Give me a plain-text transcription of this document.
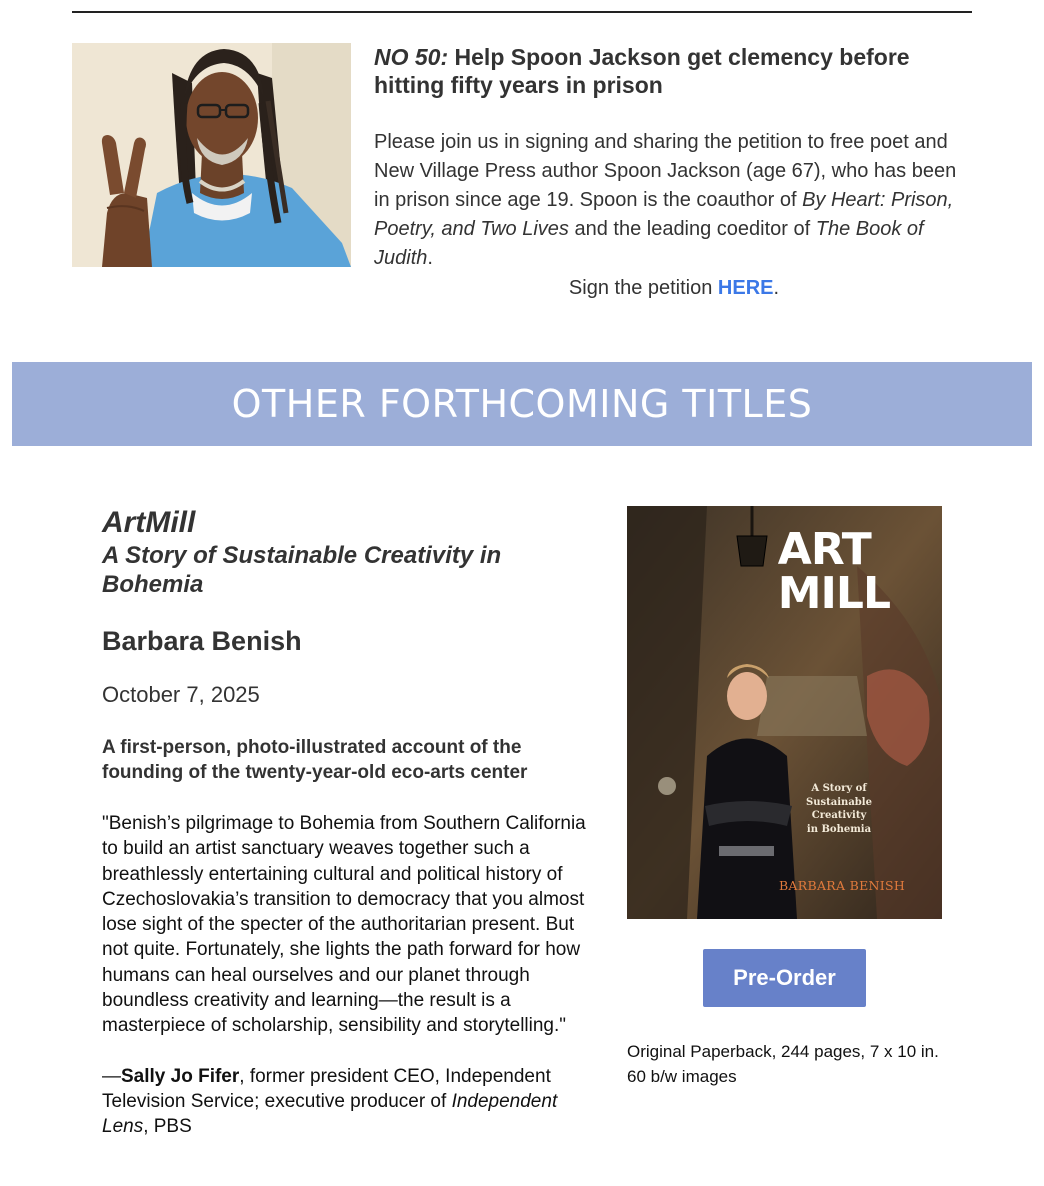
NO 50: Help Spoon Jackson get clemency before hitting fifty years in prison

Please join us in signing and sharing the petition to free poet and New Village Press author Spoon Jackson (age 67), who has been in prison since age 19. Spoon is the coauthor of By Heart: Prison, Poetry, and Two Lives and the leading coeditor of The Book of Judith.

Sign the petition HERE.

OTHER FORTHCOMING TITLES
ArtMill
A Story of Sustainable Creativity in Bohemia
Barbara Benish

October 7, 2025

A first-person, photo-illustrated account of the founding of the twenty-year-old eco-arts center

"Benish’s pilgrimage to Bohemia from Southern California to build an artist sanctuary weaves together such a breathlessly entertaining cultural and political history of Czechoslovakia’s transition to democracy that you almost lose sight of the specter of the authoritarian present. But not quite. Fortunately, she lights the path forward for how humans can heal ourselves and our planet through boundless creativity and learning—the result is a masterpiece of scholarship, sensibility and storytelling."

—Sally Jo Fifer, former president CEO, Independent Television Service; executive producer of Independent Lens, PBS

ART
MILL
A Story of
Sustainable Creativity
in Bohemia
BARBARA BENISH
Pre-Order

Original Paperback, 244 pages, 7 x 10 in. 60 b/w images
